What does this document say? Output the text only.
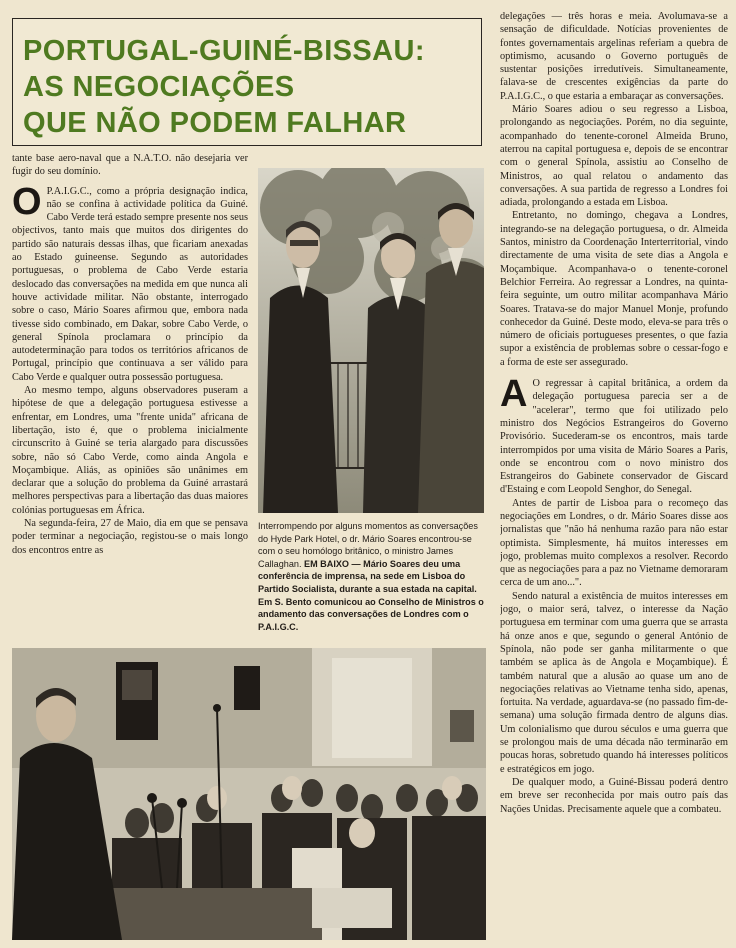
PORTUGAL-GUINÉ-BISSAU:
AS NEGOCIAÇÕES
QUE NÃO PODEM FALHAR

tante base aero-naval que a N.A.T.O. não desejaria ver fugir do seu domínio.

O P.A.I.G.C., como a própria designação indica, não se confina à actividade política da Guiné. Cabo Verde terá estado sempre presente nos seus objectivos, tanto mais que muitos dos dirigentes do partido são naturais dessas ilhas, que ficariam anexadas ao Estado guineense. Segundo as autoridades portuguesas, o problema de Cabo Verde estaria deslocado das conversações na medida em que nunca ali houve actividade militar. Não obstante, interrogado sobre o caso, Mário Soares afirmou que, embora nada tivesse sido combinado, em Dakar, sobre Cabo Verde, o general Spínola proclamara o princípio da autodeterminação para todos os territórios africanos de Portugal, princípio que continuava a ser válido para Cabo Verde e qualquer outra possessão portuguesa.

Ao mesmo tempo, alguns observadores puseram a hipótese de que a delegação portuguesa estivesse a enfrentar, em Londres, uma "frente unida" africana de libertação, isto é, que o problema inicialmente circunscrito à Guiné se teria alargado para discussões sobre, não só Cabo Verde, como ainda Angola e Moçambique. Aliás, as opiniões são unânimes em declarar que a solução do problema da Guiné arrastará melhores perspectivas para a libertação das duas maiores colónias portuguesas em África.

Na segunda-feira, 27 de Maio, dia em que se pensava poder terminar a negociação, registou-se o mais longo dos encontros entre as

Interrompendo por alguns momentos as conversações do Hyde Park Hotel, o dr. Mário Soares encontrou-se com o seu homólogo britânico, o ministro James Callaghan. EM BAIXO — Mário Soares deu uma conferência de imprensa, na sede em Lisboa do Partido Socialista, durante a sua estada na capital. Em S. Bento comunicou ao Conselho de Ministros o andamento das conversações de Londres com o P.A.I.G.C.

delegações — três horas e meia. Avolumava-se a sensação de dificuldade. Notícias provenientes de fontes governamentais argelinas referiam a quebra de optimismo, acusando o Governo português de sustentar posições irredutíveis. Simultaneamente, falava-se de crescentes exigências da parte do P.A.I.G.C., o que estaria a embaraçar as conversações.

Mário Soares adiou o seu regresso a Lisboa, prolongando as negociações. Porém, no dia seguinte, acompanhado do tenente-coronel Almeida Bruno, aterrou na capital portuguesa e, depois de se encontrar com o general Spínola, assistiu ao Conselho de Ministros, ao qual relatou o andamento das conversações. A sua partida de regresso a Londres foi adiada, prolongando a estada em Lisboa.

Entretanto, no domingo, chegava a Londres, integrando-se na delegação portuguesa, o dr. Almeida Santos, ministro da Coordenação Interterritorial, vindo directamente de uma visita de sete dias a Angola e Moçambique. Acompanhava-o o tenente-coronel Belchior Ferreira. Ao regressar a Londres, na quinta-feira seguinte, um outro militar acompanhava Mário Soares. Tratava-se do major Manuel Monje, profundo conhecedor da Guiné. Deste modo, eleva-se para três o número de oficiais portugueses presentes, o que fazia supor a existência de problemas sobre o cessar-fogo e a forma de este ser assegurado.

A O regressar à capital britânica, a ordem da delegação portuguesa parecia ser a de "acelerar", termo que foi utilizado pelo ministro dos Negócios Estrangeiros do Governo Provisório. Sucederam-se os encontros, mais tarde interrompidos por uma visita de Mário Soares a Paris, onde se encontrou com o novo ministro dos Estrangeiros do Gabinete conservador de Giscard d'Estaing e com Leopold Senghor, do Senegal.

Antes de partir de Lisboa para o recomeço das negociações em Londres, o dr. Mário Soares disse aos jornalistas que "não há nenhuma razão para não estar optimista. Simplesmente, há muitos interesses em jogo, problemas muito complexos a resolver. Recordo que as negociações para a paz no Vietname demoraram cerca de um ano...".

Sendo natural a existência de muitos interesses em jogo, o maior será, talvez, o interesse da Nação portuguesa em terminar com uma guerra que se arrasta há onze anos e que, segundo o general António de Spínola, não pode ser ganha militarmente o que também se aplica às de Angola e Moçambique). É também natural que a alusão ao quase um ano de negociações relativas ao Vietname tenha sido, apenas, fortuita. Na verdade, aguardava-se (no passado fim-de-semana) uma solução firmada dentro de alguns dias. Um colonialismo que durou séculos e uma guerra que se prolongou mais de uma década não terminarão em poucas horas, sobretudo quando há interesses políticos e estratégicos em jogo.

De qualquer modo, a Guiné-Bissau poderá dentro em breve ser reconhecida por mais outro país das Nações Unidas. Precisamente aquele que a combateu.
